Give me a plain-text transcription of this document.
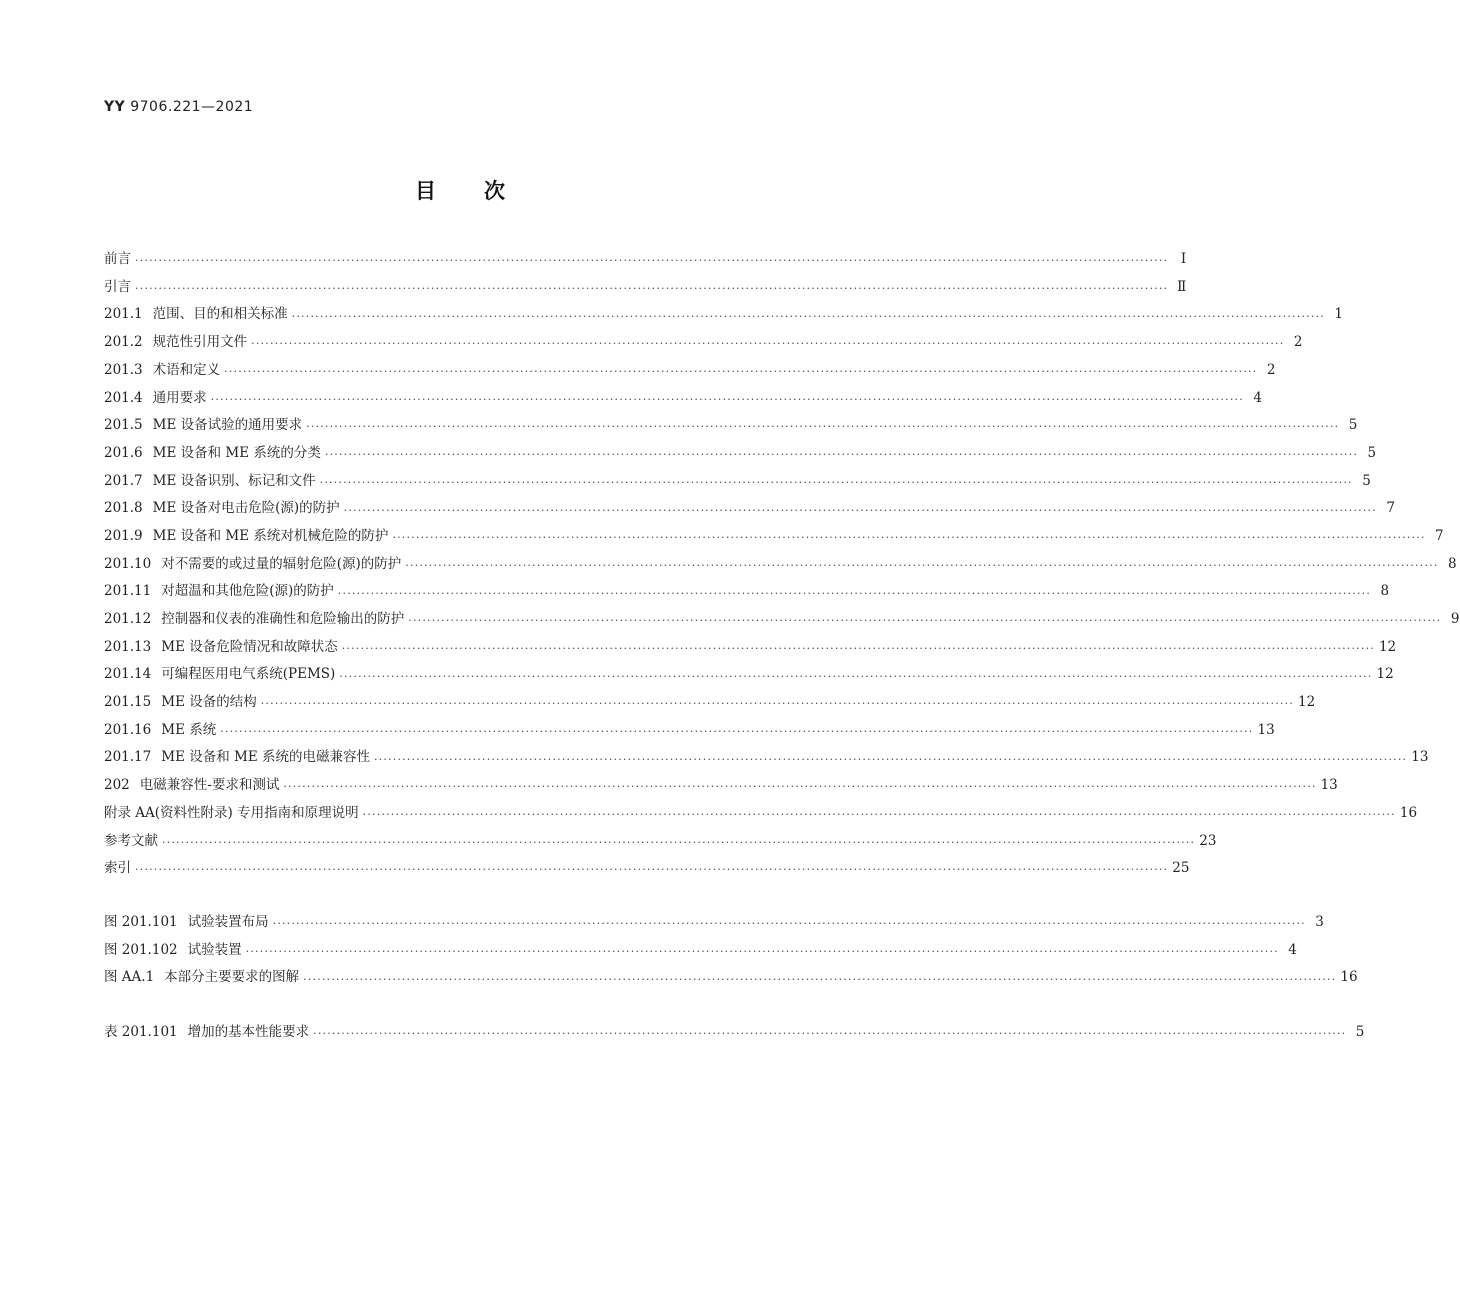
YY 9706.221—2021
目次
前言 ···························································································································································································································· Ⅰ
引言 ···························································································································································································································· Ⅱ
201.1 范围、目的和相关标准 ···························································································································································································································· 1
201.2 规范性引用文件 ···························································································································································································································· 2
201.3 术语和定义 ···························································································································································································································· 2
201.4 通用要求 ···························································································································································································································· 4
201.5 ME 设备试验的通用要求 ···························································································································································································································· 5
201.6 ME 设备和 ME 系统的分类 ···························································································································································································································· 5
201.7 ME 设备识别、标记和文件 ···························································································································································································································· 5
201.8 ME 设备对电击危险(源)的防护 ···························································································································································································································· 7
201.9 ME 设备和 ME 系统对机械危险的防护 ···························································································································································································································· 7
201.10 对不需要的或过量的辐射危险(源)的防护 ···························································································································································································································· 8
201.11 对超温和其他危险(源)的防护 ···························································································································································································································· 8
201.12 控制器和仪表的准确性和危险输出的防护 ···························································································································································································································· 9
201.13 ME 设备危险情况和故障状态 ···························································································································································································································· 12
201.14 可编程医用电气系统(PEMS) ···························································································································································································································· 12
201.15 ME 设备的结构 ···························································································································································································································· 12
201.16 ME 系统 ···························································································································································································································· 13
201.17 ME 设备和 ME 系统的电磁兼容性 ···························································································································································································································· 13
202 电磁兼容性-要求和测试 ···························································································································································································································· 13
附录 AA(资料性附录) 专用指南和原理说明 ···························································································································································································································· 16
参考文献 ···························································································································································································································· 23
索引 ···························································································································································································································· 25
图 201.101 试验装置布局 ···························································································································································································································· 3
图 201.102 试验装置 ···························································································································································································································· 4
图 AA.1 本部分主要要求的图解 ···························································································································································································································· 16
表 201.101 增加的基本性能要求 ···························································································································································································································· 5
